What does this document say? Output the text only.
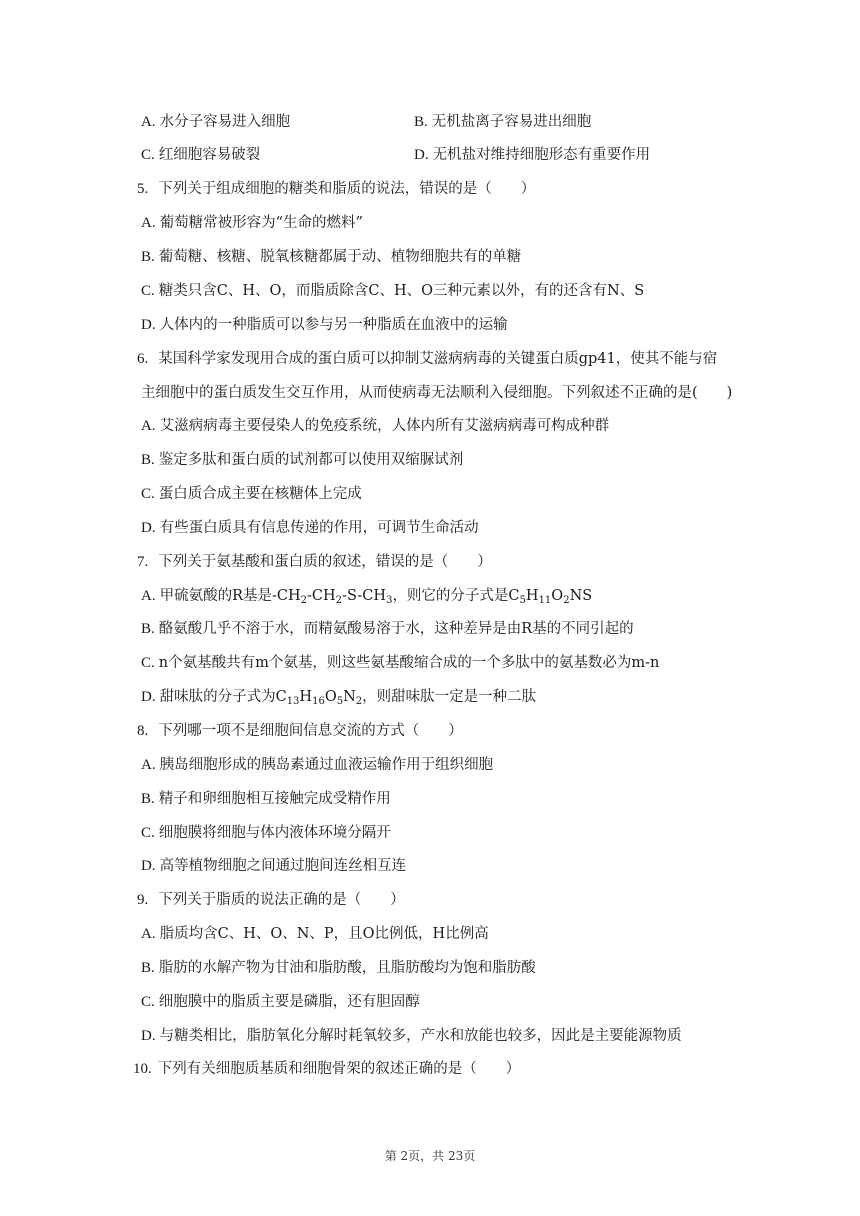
A. 水分子容易进入细胞	B. 无机盐离子容易进出细胞
C. 红细胞容易破裂	D. 无机盐对维持细胞形态有重要作用
5. 下列关于组成细胞的糖类和脂质的说法，错误的是（　　）
A. 葡萄糖常被形容为“生命的燃料”
B. 葡萄糖、核糖、脱氧核糖都属于动、植物细胞共有的单糖
C. 糖类只含C、H、O，而脂质除含C、H、O三种元素以外，有的还含有N、S
D. 人体内的一种脂质可以参与另一种脂质在血液中的运输
6. 某国科学家发现用合成的蛋白质可以抑制艾滋病病毒的关键蛋白质gp41，使其不能与宿
主细胞中的蛋白质发生交互作用，从而使病毒无法顺利入侵细胞。下列叙述不正确的是(　　)
A. 艾滋病病毒主要侵染人的免疫系统，人体内所有艾滋病病毒可构成种群
B. 鉴定多肽和蛋白质的试剂都可以使用双缩脲试剂
C. 蛋白质合成主要在核糖体上完成
D. 有些蛋白质具有信息传递的作用，可调节生命活动
7. 下列关于氨基酸和蛋白质的叙述，错误的是（　　）
A. 甲硫氨酸的R基是$-CH_2-CH_2-S-CH_3$，则它的分子式是$C_5H_{11}O_2NS$
B. 酪氨酸几乎不溶于水，而精氨酸易溶于水，这种差异是由R基的不同引起的
C. n个氨基酸共有m个氨基，则这些氨基酸缩合成的一个多肽中的氨基数必为m-n
D. 甜味肽的分子式为$C_{13}H_{16}O_5N_2$，则甜味肽一定是一种二肽
8. 下列哪一项不是细胞间信息交流的方式（　　）
A. 胰岛细胞形成的胰岛素通过血液运输作用于组织细胞
B. 精子和卵细胞相互接触完成受精作用
C. 细胞膜将细胞与体内液体环境分隔开
D. 高等植物细胞之间通过胞间连丝相互连
9. 下列关于脂质的说法正确的是（　　）
A. 脂质均含C、H、O、N、P，且O比例低，H比例高
B. 脂肪的水解产物为甘油和脂肪酸，且脂肪酸均为饱和脂肪酸
C. 细胞膜中的脂质主要是磷脂，还有胆固醇
D. 与糖类相比，脂肪氧化分解时耗氧较多，产水和放能也较多，因此是主要能源物质
10. 下列有关细胞质基质和细胞骨架的叙述正确的是（　　）
第 2页，共 23页
